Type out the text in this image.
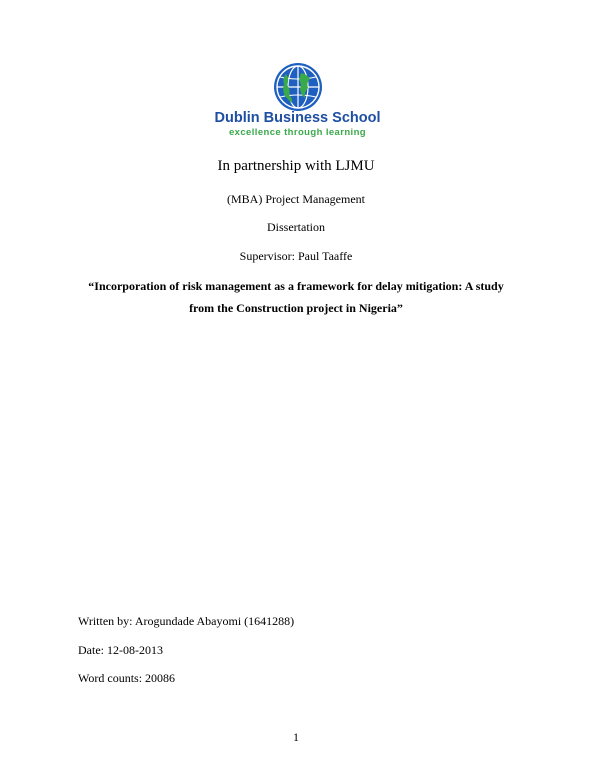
Dublin Business School
excellence through learning
In partnership with LJMU
(MBA) Project Management
Dissertation
Supervisor: Paul Taaffe
“Incorporation of risk management as a framework for delay mitigation: A study
from the Construction project in Nigeria”
Written by: Arogundade Abayomi (1641288)
Date: 12-08-2013
Word counts: 20086
1
